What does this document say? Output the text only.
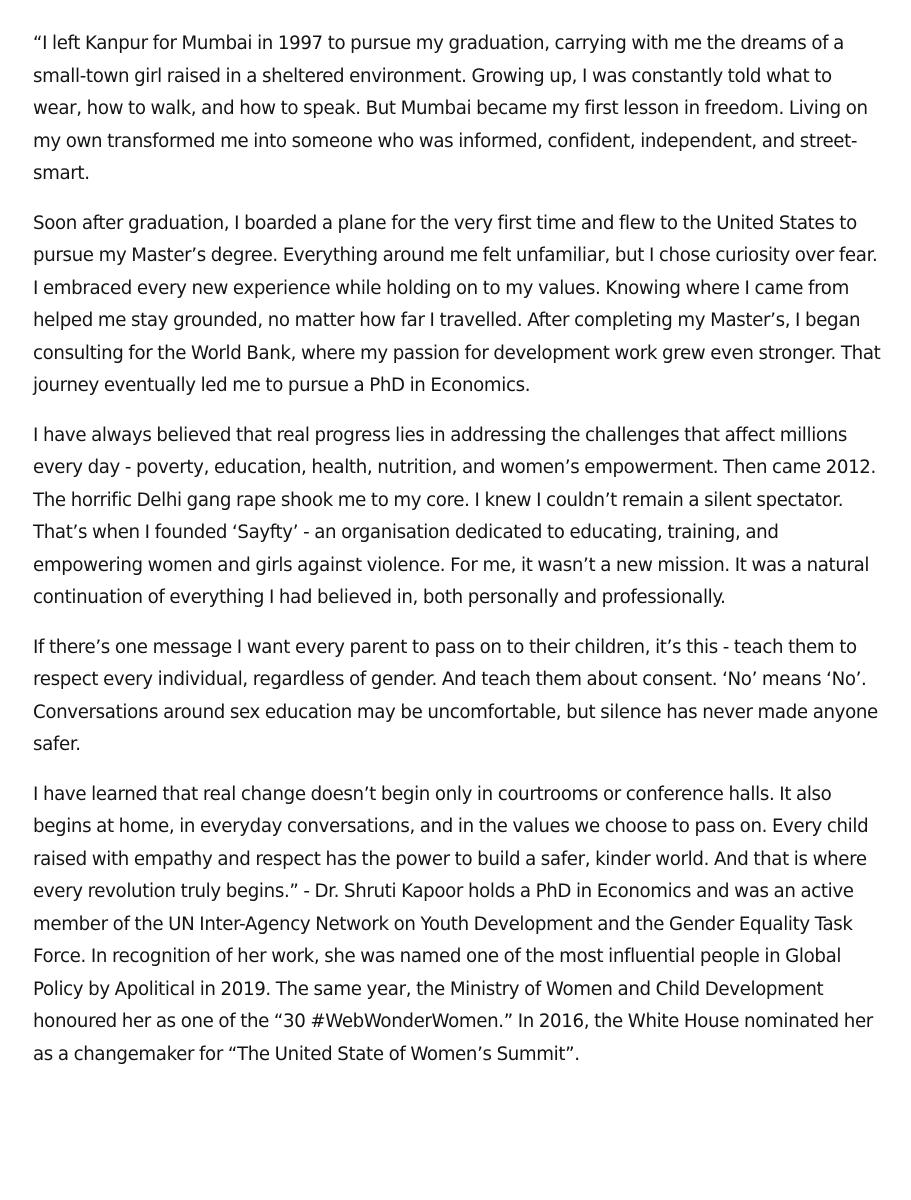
“I left Kanpur for Mumbai in 1997 to pursue my graduation, carrying with me the dreams of a small-town girl raised in a sheltered environment. Growing up, I was constantly told what to wear, how to walk, and how to speak. But Mumbai became my first lesson in freedom. Living on my own transformed me into someone who was informed, confident, independent, and street-smart.

Soon after graduation, I boarded a plane for the very first time and flew to the United States to pursue my Master’s degree. Everything around me felt unfamiliar, but I chose curiosity over fear. I embraced every new experience while holding on to my values. Knowing where I came from helped me stay grounded, no matter how far I travelled. After completing my Master’s, I began consulting for the World Bank, where my passion for development work grew even stronger. That journey eventually led me to pursue a PhD in Economics.

I have always believed that real progress lies in addressing the challenges that affect millions every day - poverty, education, health, nutrition, and women’s empowerment. Then came 2012. The horrific Delhi gang rape shook me to my core. I knew I couldn’t remain a silent spectator. That’s when I founded ‘Sayfty’ - an organisation dedicated to educating, training, and empowering women and girls against violence. For me, it wasn’t a new mission. It was a natural continuation of everything I had believed in, both personally and professionally.

If there’s one message I want every parent to pass on to their children, it’s this - teach them to respect every individual, regardless of gender. And teach them about consent. ‘No’ means ‘No’. Conversations around sex education may be uncomfortable, but silence has never made anyone safer.

I have learned that real change doesn’t begin only in courtrooms or conference halls. It also begins at home, in everyday conversations, and in the values we choose to pass on. Every child raised with empathy and respect has the power to build a safer, kinder world. And that is where every revolution truly begins.” - Dr. Shruti Kapoor holds a PhD in Economics and was an active member of the UN Inter-Agency Network on Youth Development and the Gender Equality Task Force. In recognition of her work, she was named one of the most influential people in Global Policy by Apolitical in 2019. The same year, the Ministry of Women and Child Development honoured her as one of the “30 #WebWonderWomen.” In 2016, the White House nominated her as a changemaker for “The United State of Women’s Summit”.
